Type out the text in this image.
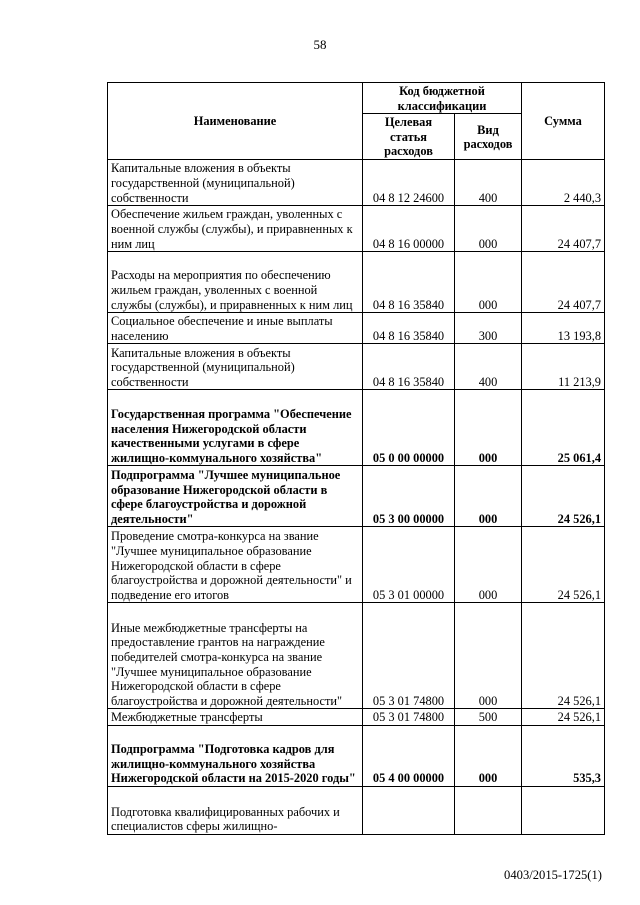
58
Наименование	Код бюджетной классификации		Сумма
	Целевая статья расходов	Вид расходов	
Капитальные вложения в объекты государственной (муниципальной) собственности	04 8 12 24600	400	2 440,3
Обеспечение жильем граждан, уволенных с военной службы (службы), и приравненных к ним лиц	04 8 16 00000	000	24 407,7
Расходы на мероприятия по обеспечению жильем граждан, уволенных с военной службы (службы), и приравненных к ним лиц	04 8 16 35840	000	24 407,7
Социальное обеспечение и иные выплаты населению	04 8 16 35840	300	13 193,8
Капитальные вложения в объекты государственной (муниципальной) собственности	04 8 16 35840	400	11 213,9
Государственная программа "Обеспечение населения Нижегородской области качественными услугами в сфере жилищно-коммунального хозяйства"	05 0 00 00000	000	25 061,4
Подпрограмма "Лучшее муниципальное образование Нижегородской области в сфере благоустройства и дорожной деятельности"	05 3 00 00000	000	24 526,1
Проведение смотра-конкурса на звание "Лучшее муниципальное образование Нижегородской области в сфере благоустройства и дорожной деятельности" и подведение его итогов	05 3 01 00000	000	24 526,1
Иные межбюджетные трансферты на предоставление грантов на награждение победителей смотра-конкурса на звание "Лучшее муниципальное образование Нижегородской области в сфере благоустройства и дорожной деятельности"	05 3 01 74800	000	24 526,1
Межбюджетные трансферты	05 3 01 74800	500	24 526,1
Подпрограмма "Подготовка кадров для жилищно-коммунального хозяйства Нижегородской области на 2015-2020 годы"	05 4 00 00000	000	535,3
Подготовка квалифицированных рабочих и специалистов сферы жилищно-			
0403/2015-1725(1)
